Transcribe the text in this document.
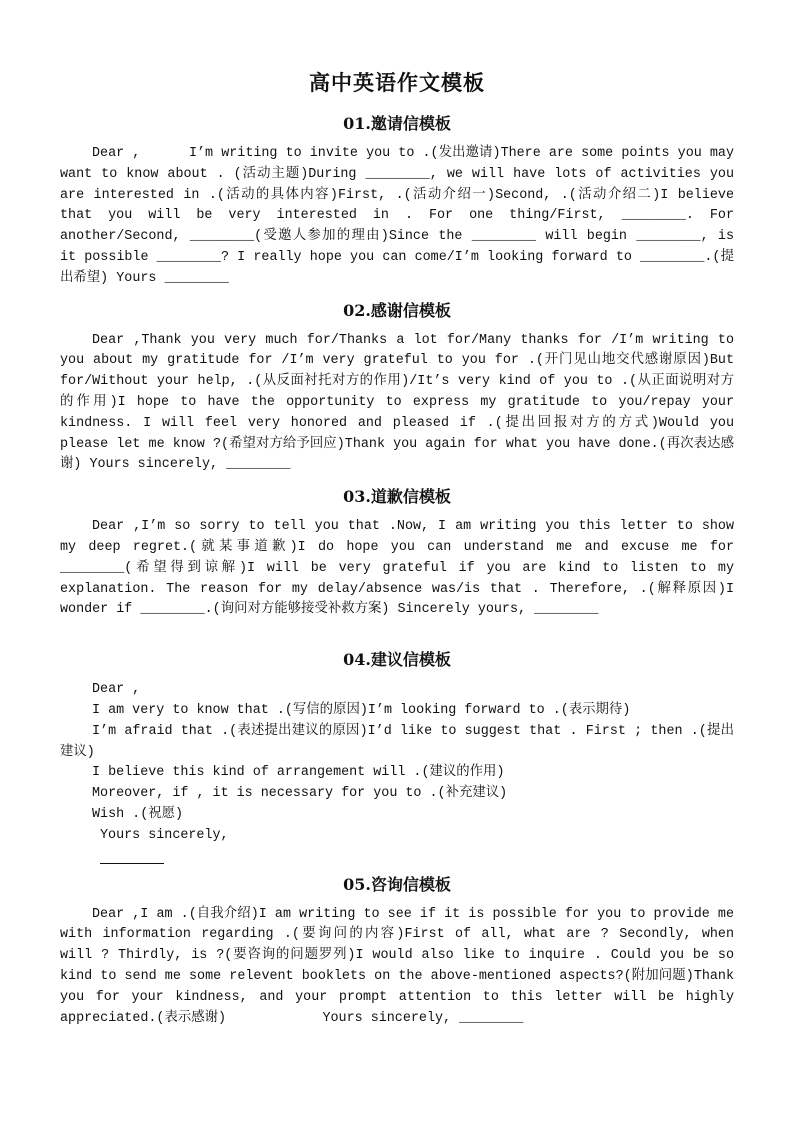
高中英语作文模板
01.邀请信模板

Dear ,      I’m writing to invite you to .(发出邀请)There are some points you may want to know about . (活动主题)During ________, we will have lots of activities you are interested in .(活动的具体内容)First, .(活动介绍一)Second, .(活动介绍二)I believe that you will be very interested in . For one thing/First, ________. For another/Second, ________(受邀人参加的理由)Since the ________ will begin ________, is it possible ________? I really hope you can come/I’m looking forward to ________.(提出希望) Yours ________

02.感谢信模板

Dear ,Thank you very much for/Thanks a lot for/Many thanks for /I’m writing to you about my gratitude for /I’m very grateful to you for .(开门见山地交代感谢原因)But for/Without your help, .(从反面衬托对方的作用)/It’s very kind of you to .(从正面说明对方的作用)I hope to have the opportunity to express my gratitude to you/repay your kindness. I will feel very honored and pleased if .(提出回报对方的方式)Would you please let me know ?(希望对方给予回应)Thank you again for what you have done.(再次表达感谢) Yours sincerely, ________

03.道歉信模板

Dear ,I’m so sorry to tell you that .Now, I am writing you this letter to show my deep regret.(就某事道歉)I do hope you can understand me and excuse me for ________(希望得到谅解)I will be very grateful if you are kind to listen to my explanation. The reason for my delay/absence was/is that . Therefore, .(解释原因)I wonder if ________.(询问对方能够接受补救方案) Sincerely yours, ________

04.建议信模板

Dear ,

I am very to know that .(写信的原因)I’m looking forward to .(表示期待)

I’m afraid that .(表述提出建议的原因)I’d like to suggest that . First ; then .(提出建议)

I believe this kind of arrangement will .(建议的作用)

Moreover, if , it is necessary for you to .(补充建议)

Wish .(祝愿)

Yours sincerely,

05.咨询信模板

Dear ,I am .(自我介绍)I am writing to see if it is possible for you to provide me with information regarding .(要询问的内容)First of all, what are ? Secondly, when will ? Thirdly, is ?(要咨询的问题罗列)I would also like to inquire . Could you be so kind to send me some relevent booklets on the above-mentioned aspects?(附加问题)Thank you for your kindness, and your prompt attention to this letter will be highly appreciated.(表示感谢)            Yours sincerely, ________
